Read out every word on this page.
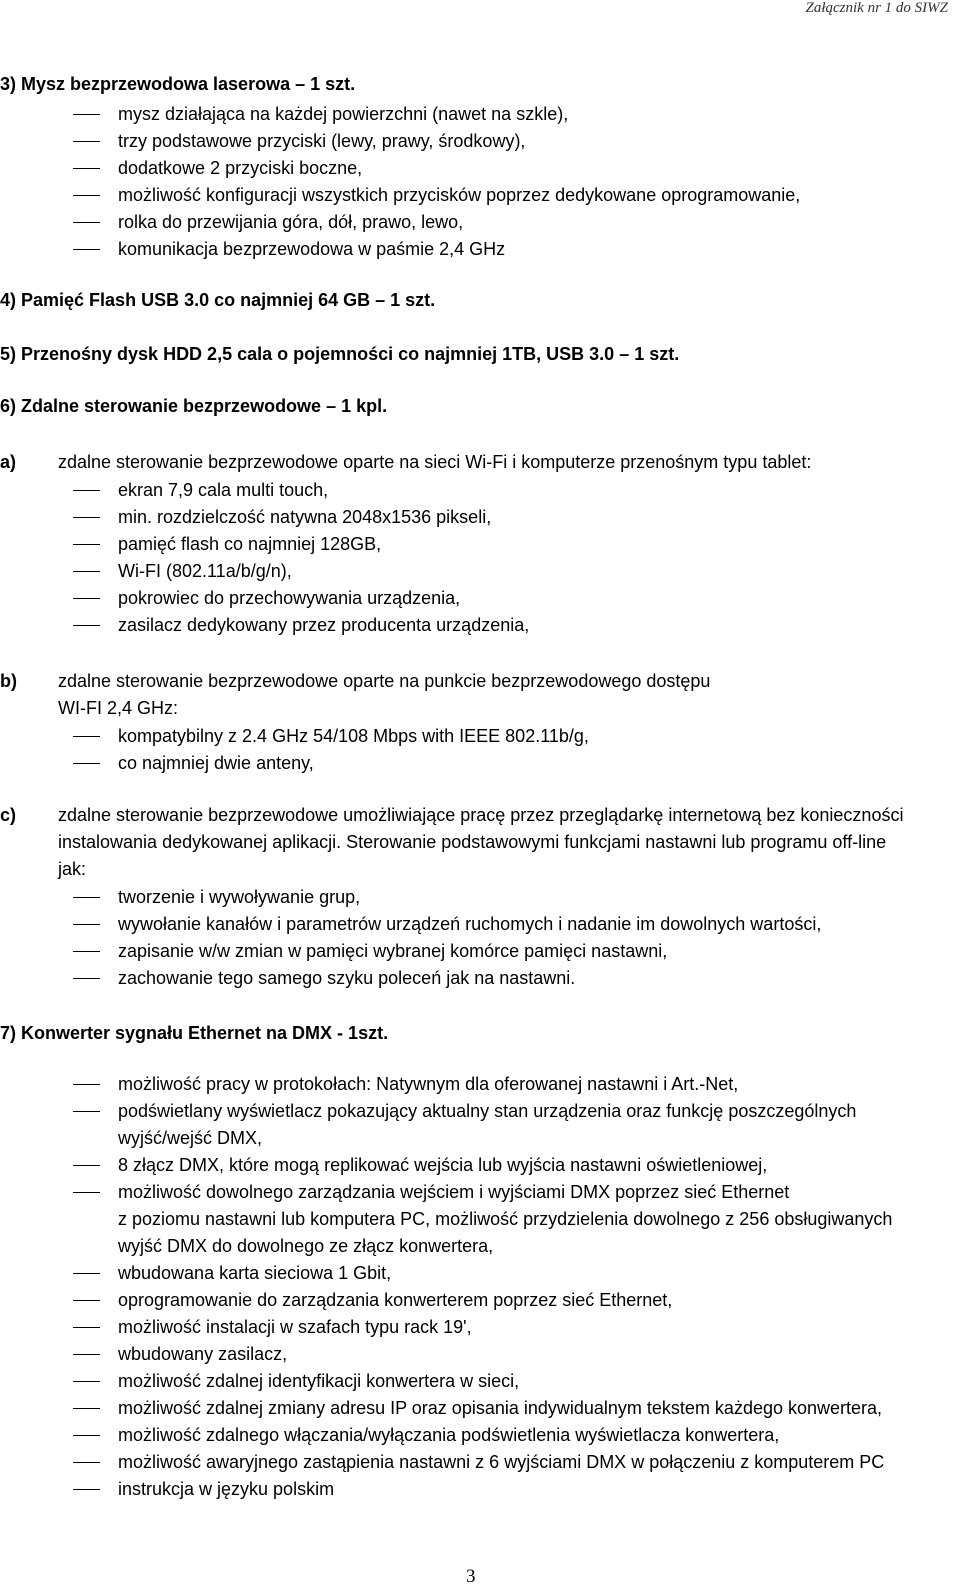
Załącznik nr 1 do SIWZ
3) Mysz bezprzewodowa laserowa – 1 szt.
mysz działająca na każdej powierzchni (nawet na szkle),
trzy podstawowe przyciski (lewy, prawy, środkowy),
dodatkowe 2 przyciski boczne,
możliwość konfiguracji wszystkich przycisków poprzez dedykowane oprogramowanie,
rolka do przewijania góra, dół, prawo, lewo,
komunikacja bezprzewodowa w paśmie 2,4 GHz
4) Pamięć Flash USB 3.0 co najmniej 64 GB – 1 szt.
5) Przenośny dysk HDD 2,5 cala o pojemności co najmniej 1TB, USB 3.0 – 1 szt.
6) Zdalne sterowanie bezprzewodowe – 1 kpl.
a) zdalne sterowanie bezprzewodowe oparte na sieci Wi-Fi i komputerze przenośnym typu tablet:
ekran 7,9 cala multi touch,
min. rozdzielczość natywna 2048x1536 pikseli,
pamięć flash co najmniej 128GB,
Wi-FI (802.11a/b/g/n),
pokrowiec do przechowywania urządzenia,
zasilacz dedykowany przez producenta urządzenia,
b) zdalne sterowanie bezprzewodowe oparte na punkcie bezprzewodowego dostępu
WI-FI 2,4 GHz:
kompatybilny z 2.4 GHz 54/108 Mbps with IEEE 802.11b/g,
co najmniej dwie anteny,
c) zdalne sterowanie bezprzewodowe umożliwiające pracę przez przeglądarkę internetową bez konieczności
instalowania dedykowanej aplikacji. Sterowanie podstawowymi funkcjami nastawni lub programu off-line
jak:
tworzenie i wywoływanie grup,
wywołanie kanałów i parametrów urządzeń ruchomych i nadanie im dowolnych wartości,
zapisanie w/w zmian w pamięci wybranej komórce pamięci nastawni,
zachowanie tego samego szyku poleceń jak na nastawni.
7) Konwerter sygnału Ethernet na DMX - 1szt.
możliwość pracy w protokołach: Natywnym dla oferowanej nastawni i Art.-Net,
podświetlany wyświetlacz pokazujący aktualny stan urządzenia oraz funkcję poszczególnych
wyjść/wejść DMX,
8 złącz DMX, które mogą replikować wejścia lub wyjścia nastawni oświetleniowej,
możliwość dowolnego zarządzania wejściem i wyjściami DMX poprzez sieć Ethernet
z poziomu nastawni lub komputera PC, możliwość przydzielenia dowolnego z 256 obsługiwanych
wyjść DMX do dowolnego ze złącz konwertera,
wbudowana karta sieciowa 1 Gbit,
oprogramowanie do zarządzania konwerterem poprzez sieć Ethernet,
możliwość instalacji w szafach typu rack 19',
wbudowany zasilacz,
możliwość zdalnej identyfikacji konwertera w sieci,
możliwość zdalnej zmiany adresu IP oraz opisania indywidualnym tekstem każdego konwertera,
możliwość zdalnego włączania/wyłączania podświetlenia wyświetlacza konwertera,
możliwość awaryjnego zastąpienia nastawni z 6 wyjściami DMX w połączeniu z komputerem PC
instrukcja w języku polskim
3
